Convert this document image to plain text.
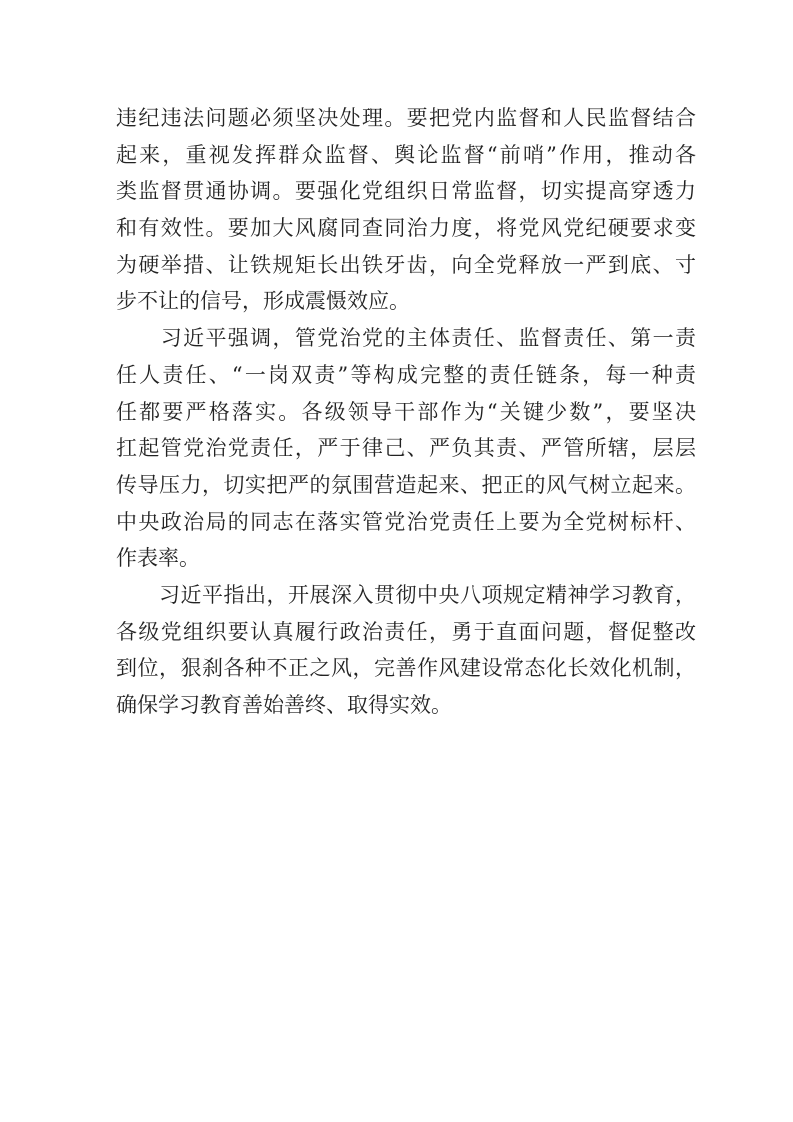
违纪违法问题必须坚决处理。要把党内监督和人民监督结合
起来，重视发挥群众监督、舆论监督“前哨”作用，推动各
类监督贯通协调。要强化党组织日常监督，切实提高穿透力
和有效性。要加大风腐同查同治力度，将党风党纪硬要求变
为硬举措、让铁规矩长出铁牙齿，向全党释放一严到底、寸
步不让的信号，形成震慑效应。
　　习近平强调，管党治党的主体责任、监督责任、第一责
任人责任、“一岗双责”等构成完整的责任链条，每一种责
任都要严格落实。各级领导干部作为“关键少数”，要坚决
扛起管党治党责任，严于律己、严负其责、严管所辖，层层
传导压力，切实把严的氛围营造起来、把正的风气树立起来。
中央政治局的同志在落实管党治党责任上要为全党树标杆、
作表率。
　　习近平指出，开展深入贯彻中央八项规定精神学习教育，
各级党组织要认真履行政治责任，勇于直面问题，督促整改
到位，狠刹各种不正之风，完善作风建设常态化长效化机制，
确保学习教育善始善终、取得实效。
